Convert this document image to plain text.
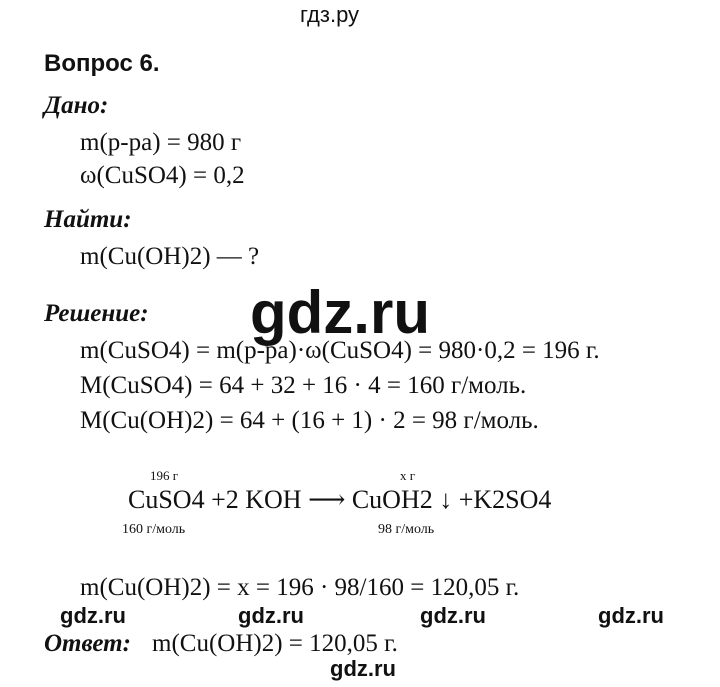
гдз.ру
Вопрос 6.
Дано:
m(р-ра) = 980 г
ω(CuSO4) = 0,2
Найти:
m(Cu(OH)2) — ?
gdz.ru
Решение:
m(CuSO4) = m(р-ра)·ω(CuSO4) = 980·0,2 = 196 г.
M(CuSO4) = 64 + 32 + 16 · 4 = 160 г/моль.
M(Cu(OH)2) = 64 + (16 + 1) · 2 = 98 г/моль.
196 г	x г
CuSO4 +2 KOH ⟶ CuOH2 ↓ +K2SO4
160 г/моль	98 г/моль
m(Cu(OH)2) = x = 196 · 98/160 = 120,05 г.
gdz.ru	gdz.ru	gdz.ru	gdz.ru
Ответ: m(Cu(OH)2) = 120,05 г.
gdz.ru
